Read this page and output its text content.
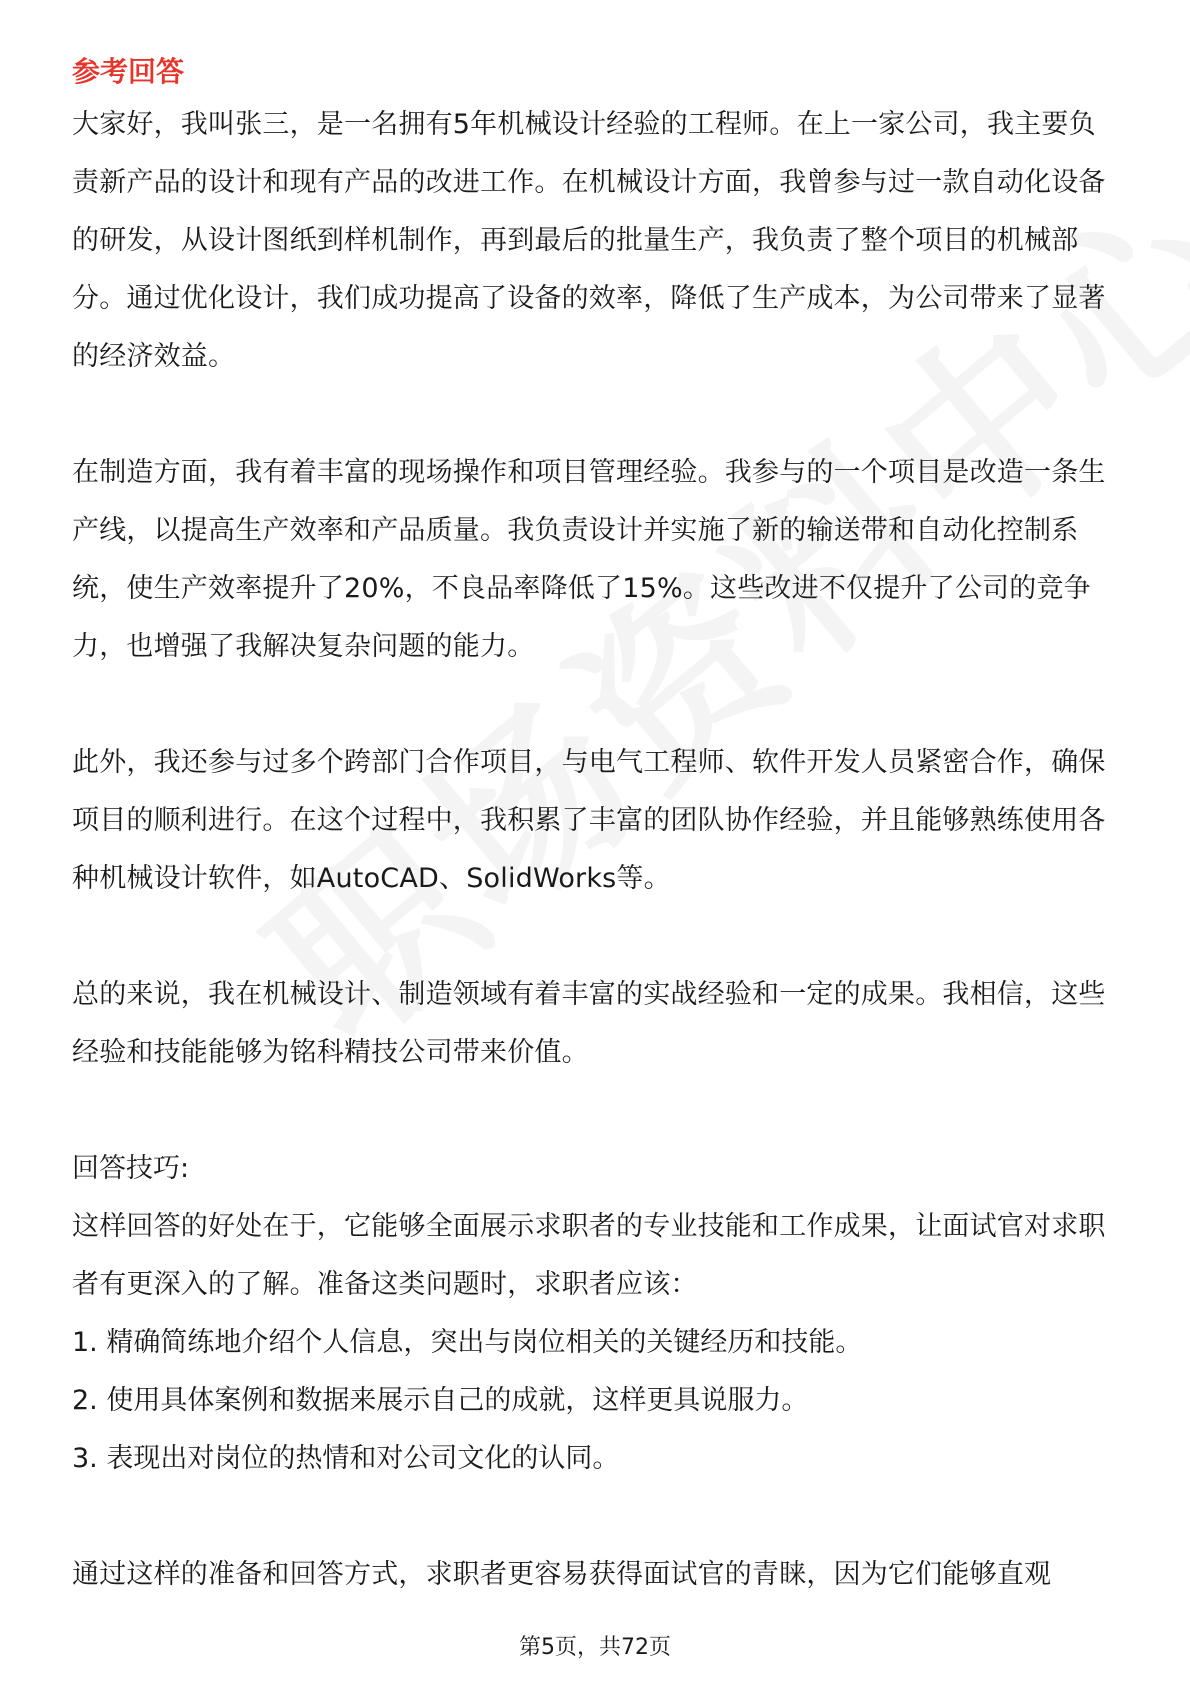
参考回答

大家好，我叫张三，是一名拥有5年机械设计经验的工程师。在上一家公司，我主要负责新产品的设计和现有产品的改进工作。在机械设计方面，我曾参与过一款自动化设备的研发，从设计图纸到样机制作，再到最后的批量生产，我负责了整个项目的机械部分。通过优化设计，我们成功提高了设备的效率，降低了生产成本，为公司带来了显著的经济效益。

在制造方面，我有着丰富的现场操作和项目管理经验。我参与的一个项目是改造一条生产线，以提高生产效率和产品质量。我负责设计并实施了新的输送带和自动化控制系统，使生产效率提升了20%，不良品率降低了15%。这些改进不仅提升了公司的竞争力，也增强了我解决复杂问题的能力。

此外，我还参与过多个跨部门合作项目，与电气工程师、软件开发人员紧密合作，确保项目的顺利进行。在这个过程中，我积累了丰富的团队协作经验，并且能够熟练使用各种机械设计软件，如AutoCAD、SolidWorks等。

总的来说，我在机械设计、制造领域有着丰富的实战经验和一定的成果。我相信，这些经验和技能能够为铭科精技公司带来价值。

回答技巧:

这样回答的好处在于，它能够全面展示求职者的专业技能和工作成果，让面试官对求职者有更深入的了解。准备这类问题时，求职者应该：

1. 精确简练地介绍个人信息，突出与岗位相关的关键经历和技能。
2. 使用具体案例和数据来展示自己的成就，这样更具说服力。
3. 表现出对岗位的热情和对公司文化的认同。

通过这样的准备和回答方式，求职者更容易获得面试官的青睐，因为它们能够直观

第5页，共72页
